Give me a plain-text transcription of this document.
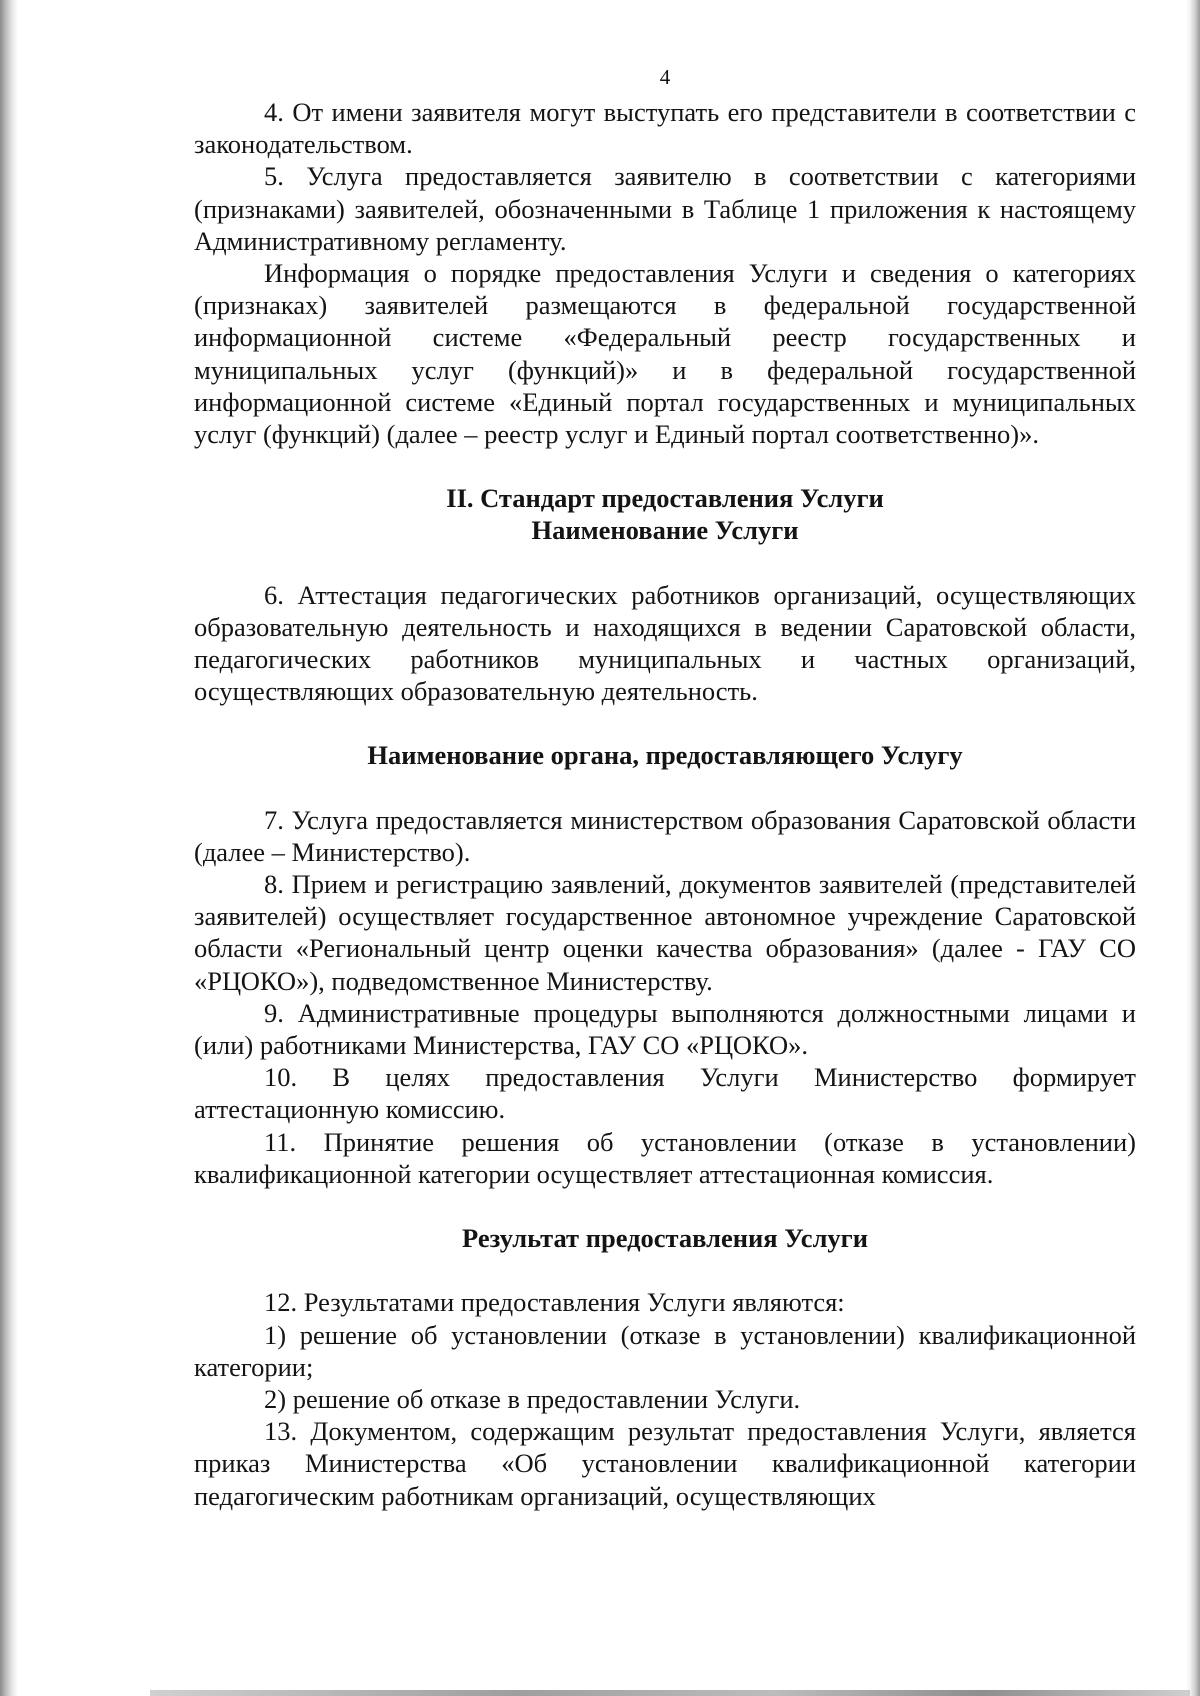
4

4. От имени заявителя могут выступать его представители в соответствии с законодательством.

5. Услуга предоставляется заявителю в соответствии с категориями (признаками) заявителей, обозначенными в Таблице 1 приложения к настоящему Административному регламенту.

Информация о порядке предоставления Услуги и сведения о категориях (признаках) заявителей размещаются в федеральной государственной информационной системе «Федеральный реестр государственных и муниципальных услуг (функций)» и в федеральной государственной информационной системе «Единый портал государственных и муниципальных услуг (функций) (далее – реестр услуг и Единый портал соответственно)».

II. Стандарт предоставления Услуги
Наименование Услуги

6. Аттестация педагогических работников организаций, осуществляющих образовательную деятельность и находящихся в ведении Саратовской области, педагогических работников муниципальных и частных организаций, осуществляющих образовательную деятельность.

Наименование органа, предоставляющего Услугу

7. Услуга предоставляется министерством образования Саратовской области (далее – Министерство).

8. Прием и регистрацию заявлений, документов заявителей (представителей заявителей) осуществляет государственное автономное учреждение Саратовской области «Региональный центр оценки качества образования» (далее - ГАУ СО «РЦОКО»), подведомственное Министерству.

9. Административные процедуры выполняются должностными лицами и (или) работниками Министерства, ГАУ СО «РЦОКО».

10. В целях предоставления Услуги Министерство формирует аттестационную комиссию.

11. Принятие решения об установлении (отказе в установлении) квалификационной категории осуществляет аттестационная комиссия.

Результат предоставления Услуги

12. Результатами предоставления Услуги являются:

1) решение об установлении (отказе в установлении) квалификационной категории;

2) решение об отказе в предоставлении Услуги.

13. Документом, содержащим результат предоставления Услуги, является приказ Министерства «Об установлении квалификационной категории педагогическим работникам организаций, осуществляющих
